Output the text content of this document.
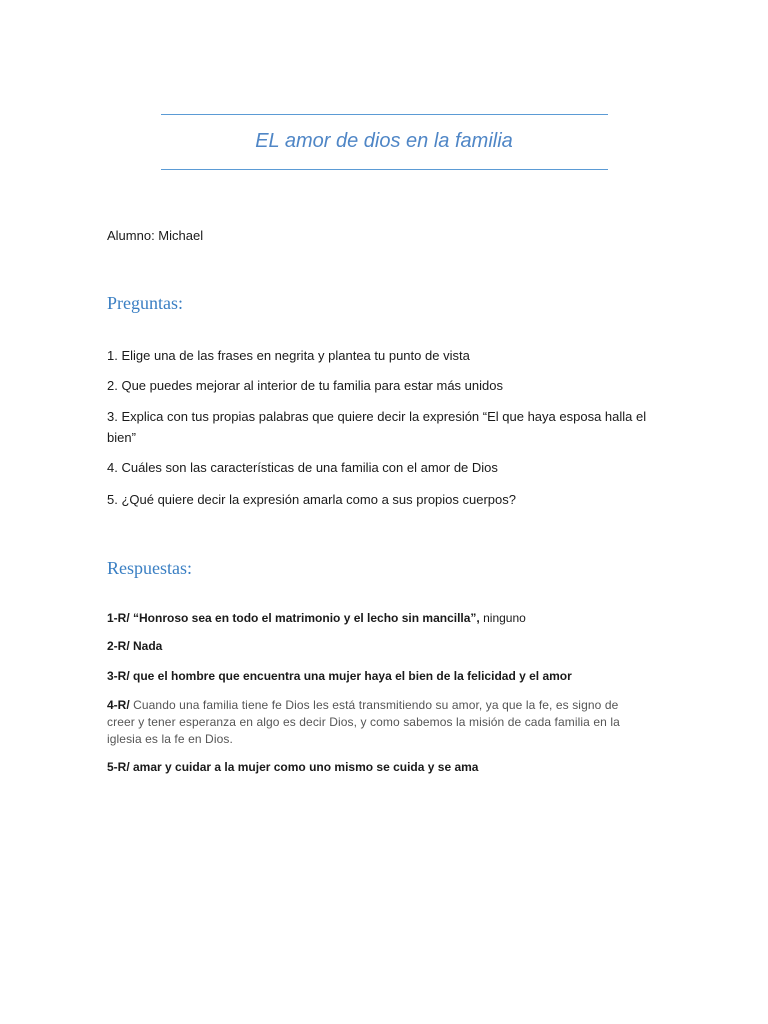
EL amor de dios en la familia
Alumno: Michael
Preguntas:
1. Elige una de las frases en negrita y plantea tu punto de vista
2. Que puedes mejorar al interior de tu familia para estar más unidos
3. Explica con tus propias palabras que quiere decir la expresión “El que haya esposa halla el bien”
4. Cuáles son las características de una familia con el amor de Dios
5. ¿Qué quiere decir la expresión amarla como a sus propios cuerpos?
Respuestas:
1-R/ “Honroso sea en todo el matrimonio y el lecho sin mancilla”, ninguno
2-R/ Nada
3-R/ que el hombre que encuentra una mujer haya el bien de la felicidad y el amor
4-R/ Cuando una familia tiene fe Dios les está transmitiendo su amor, ya que la fe, es signo de creer y tener esperanza en algo es decir Dios, y como sabemos la misión de cada familia en la iglesia es la fe en Dios.
5-R/ amar y cuidar a la mujer como uno mismo se cuida y se ama
